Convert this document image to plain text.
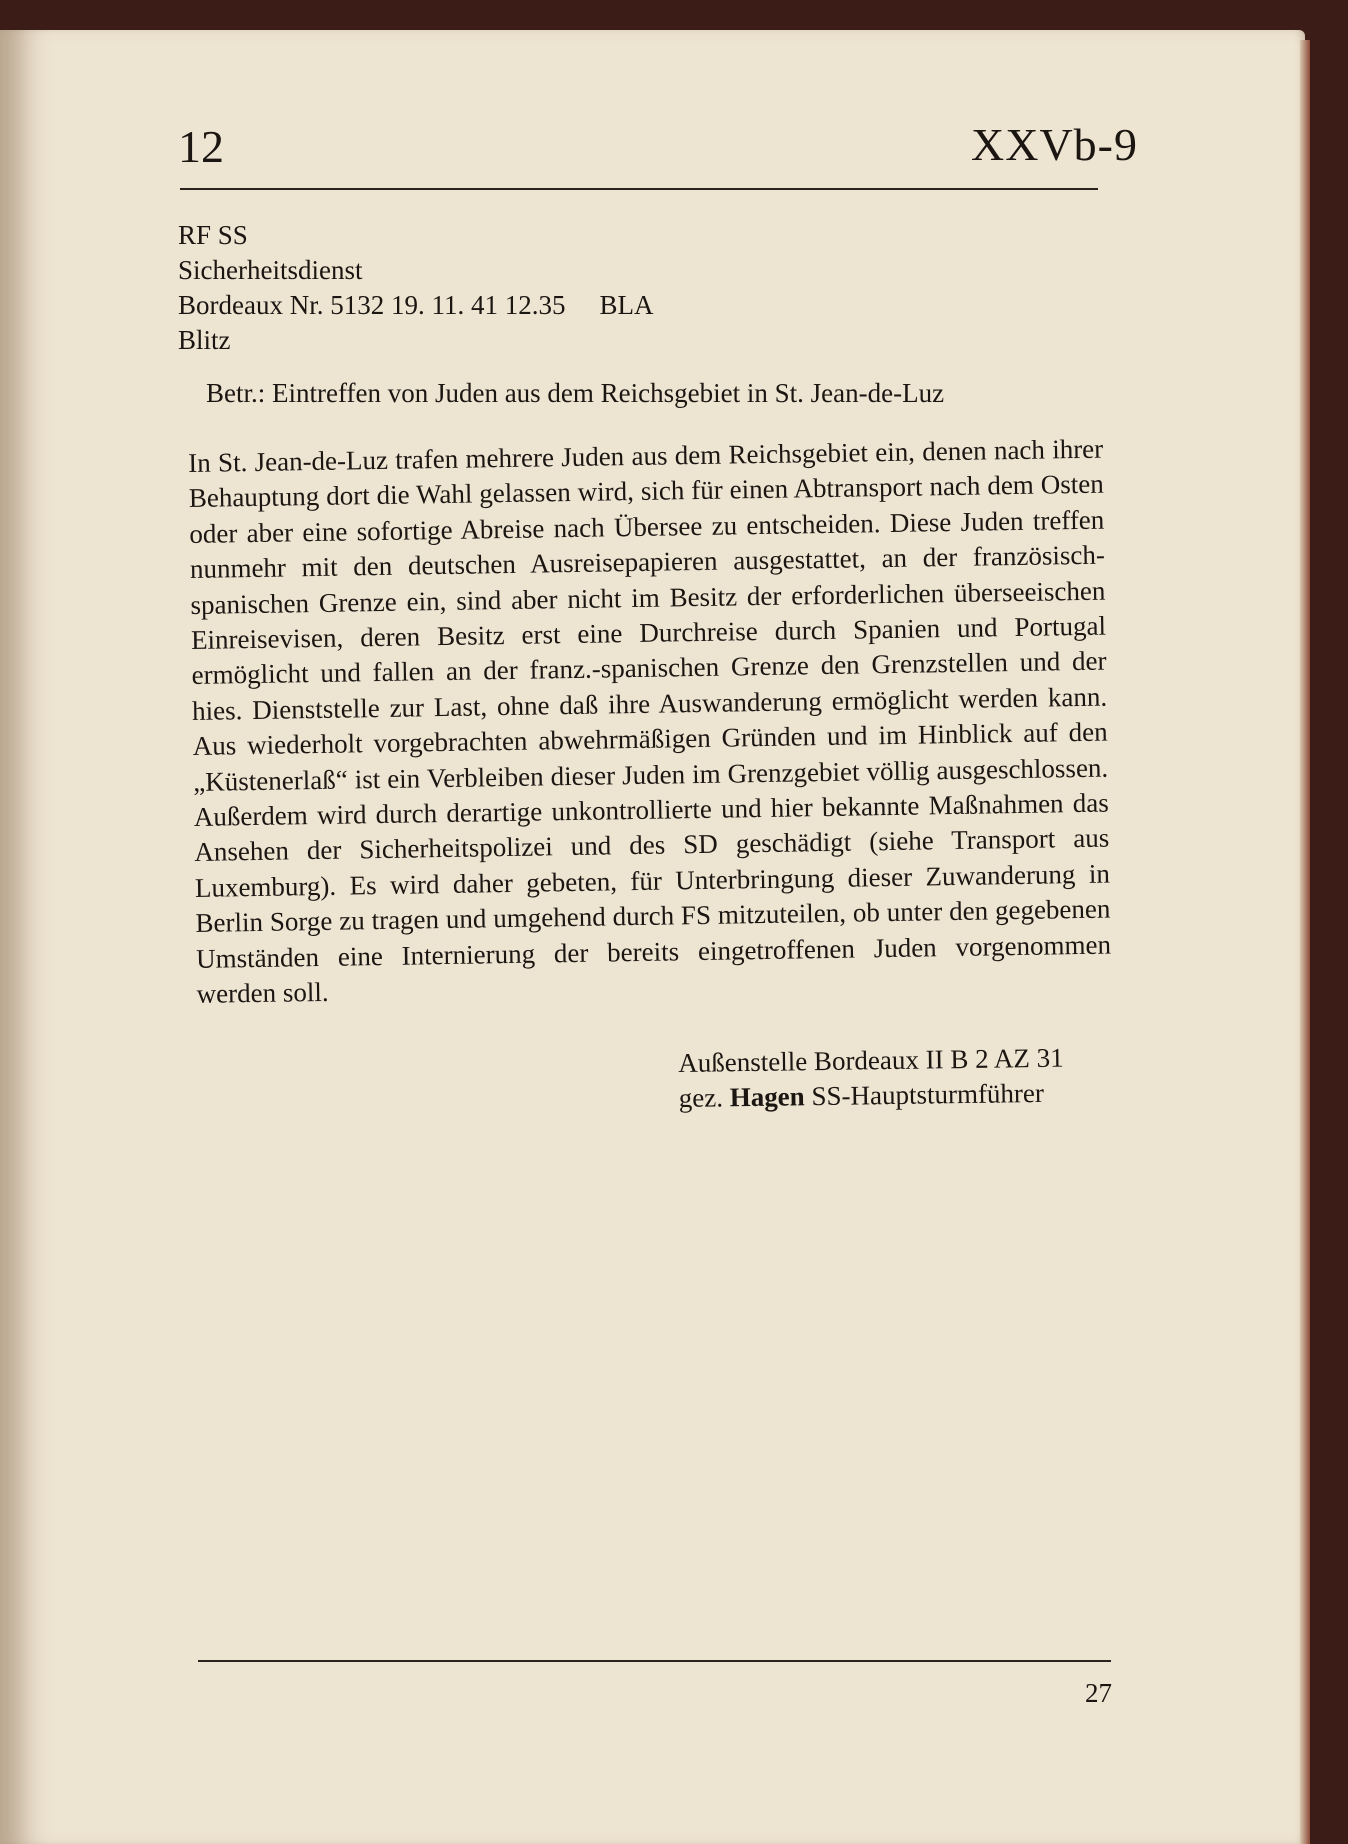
12	XXVb-9
RF SS
Sicherheitsdienst
Bordeaux Nr. 5132 19. 11. 41 12.35 BLA
Blitz
Betr.: Eintreffen von Juden aus dem Reichsgebiet in St. Jean-de-Luz

In St. Jean-de-Luz trafen mehrere Juden aus dem Reichsgebiet ein, denen nach ihrer Behauptung dort die Wahl gelassen wird, sich für einen Abtransport nach dem Osten oder aber eine sofortige Abreise nach Übersee zu entscheiden. Diese Juden treffen nunmehr mit den deutschen Ausreisepapieren ausgestattet, an der französisch-spanischen Grenze ein, sind aber nicht im Besitz der erforderlichen überseeischen Einreisevisen, deren Besitz erst eine Durchreise durch Spanien und Portugal ermöglicht und fallen an der franz.-spanischen Grenze den Grenzstellen und der hies. Dienststelle zur Last, ohne daß ihre Auswanderung ermöglicht werden kann. Aus wiederholt vorgebrachten abwehrmäßigen Gründen und im Hinblick auf den „Küstenerlaß“ ist ein Verbleiben dieser Juden im Grenzgebiet völlig ausgeschlossen. Außerdem wird durch derartige unkontrollierte und hier bekannte Maßnahmen das Ansehen der Sicherheitspolizei und des SD geschädigt (siehe Transport aus Luxemburg). Es wird daher gebeten, für Unterbringung dieser Zuwanderung in Berlin Sorge zu tragen und umgehend durch FS mitzuteilen, ob unter den gegebenen Umständen eine Internierung der bereits eingetroffenen Juden vorgenommen werden soll.

Außenstelle Bordeaux II B 2 AZ 31
gez. Hagen SS-Hauptsturmführer
27
